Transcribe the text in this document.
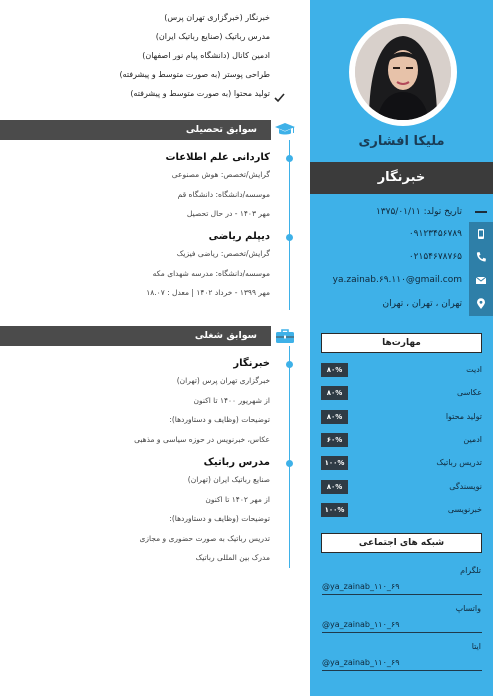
ملیکا افشاری
خبرنگار
تاریخ تولد: ۱۳۷۵/۰۱/۱۱
۰۹۱۲۳۴۵۶۷۸۹
۰۲۱۵۴۶۷۸۷۶۵
ya.zainab.۶۹.۱۱۰@gmail.com
تهران ، تهران ، تهران
مهارت‌ها
ادیت
۸۰%
عکاسی
۸۰%
تولید محتوا
۸۰%
ادمین
۶۰%
تدریس رباتیک
۱۰۰%
نویسندگی
۸۰%
خبرنویسی
۱۰۰%
شبکه های اجتماعی
تلگرام
@ya_zainab_۱۱۰_۶۹
واتساپ
@ya_zainab_۱۱۰_۶۹
ایتا
@ya_zainab_۱۱۰_۶۹
خبرنگار (خبرگزاری تهران پرس)
مدرس رباتیک (صنایع رباتیک ایران)
ادمین کانال (دانشگاه پیام نور اصفهان)
طراحی پوستر (به صورت متوسط و پیشرفته)
تولید محتوا (به صورت متوسط و پیشرفته)
سوابق تحصیلی
کاردانی علم اطلاعات
گرایش/تخصص: هوش مصنوعی
موسسه/دانشگاه: دانشگاه قم
مهر ۱۴۰۳ - در حال تحصیل
دیپلم ریاضی
گرایش/تخصص: ریاضی فیزیک
موسسه/دانشگاه: مدرسه شهدای مکه
مهر ۱۳۹۹ - خرداد ۱۴۰۲ | معدل : ۱۸.۰۷
سوابق شغلی
خبرنگار
خبرگزاری تهران پرس (تهران)
از شهریور ۱۴۰۰ تا اکنون
توضیحات (وظایف و دستاوردها):
عکاس، خبرنویس در حوزه سیاسی و مذهبی
مدرس رباتیک
صنایع رباتیک ایران (تهران)
از مهر ۱۴۰۲ تا اکنون
توضیحات (وظایف و دستاوردها):
تدریس رباتیک به صورت حضوری و مجازی
مدرک بین المللی رباتیک
